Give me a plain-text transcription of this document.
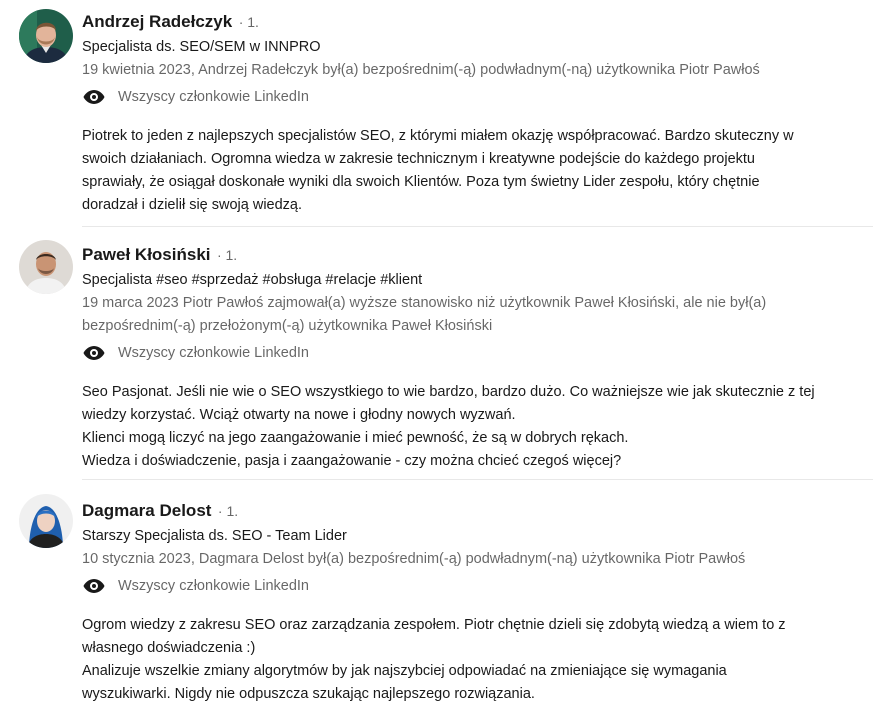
Andrzej Radełczyk · 1.
Specjalista ds. SEO/SEM w INNPRO
19 kwietnia 2023, Andrzej Radełczyk był(a) bezpośrednim(-ą) podwładnym(-ną) użytkownika Piotr Pawłoś
Wszyscy członkowie LinkedIn
Piotrek to jeden z najlepszych specjalistów SEO, z którymi miałem okazję współpracować. Bardzo skuteczny w
swoich działaniach. Ogromna wiedza w zakresie technicznym i kreatywne podejście do każdego projektu
sprawiały, że osiągał doskonałe wyniki dla swoich Klientów. Poza tym świetny Lider zespołu, który chętnie
doradzał i dzielił się swoją wiedzą.
Paweł Kłosiński · 1.
Specjalista #seo #sprzedaż #obsługa #relacje #klient
19 marca 2023 Piotr Pawłoś zajmował(a) wyższe stanowisko niż użytkownik Paweł Kłosiński, ale nie był(a) bezpośrednim(-ą) przełożonym(-ą) użytkownika Paweł Kłosiński
Wszyscy członkowie LinkedIn
Seo Pasjonat. Jeśli nie wie o SEO wszystkiego to wie bardzo, bardzo dużo. Co ważniejsze wie jak skutecznie z tej
wiedzy korzystać. Wciąż otwarty na nowe i głodny nowych wyzwań.
Klienci mogą liczyć na jego zaangażowanie i mieć pewność, że są w dobrych rękach.
Wiedza i doświadczenie, pasja i zaangażowanie - czy można chcieć czegoś więcej?
Dagmara Delost · 1.
Starszy Specjalista ds. SEO - Team Lider
10 stycznia 2023, Dagmara Delost był(a) bezpośrednim(-ą) podwładnym(-ną) użytkownika Piotr Pawłoś
Wszyscy członkowie LinkedIn
Ogrom wiedzy z zakresu SEO oraz zarządzania zespołem. Piotr chętnie dzieli się zdobytą wiedzą a wiem to z
własnego doświadczenia :)
Analizuje wszelkie zmiany algorytmów by jak najszybciej odpowiadać na zmieniające się wymagania
wyszukiwarki. Nigdy nie odpuszcza szukając najlepszego rozwiązania.
